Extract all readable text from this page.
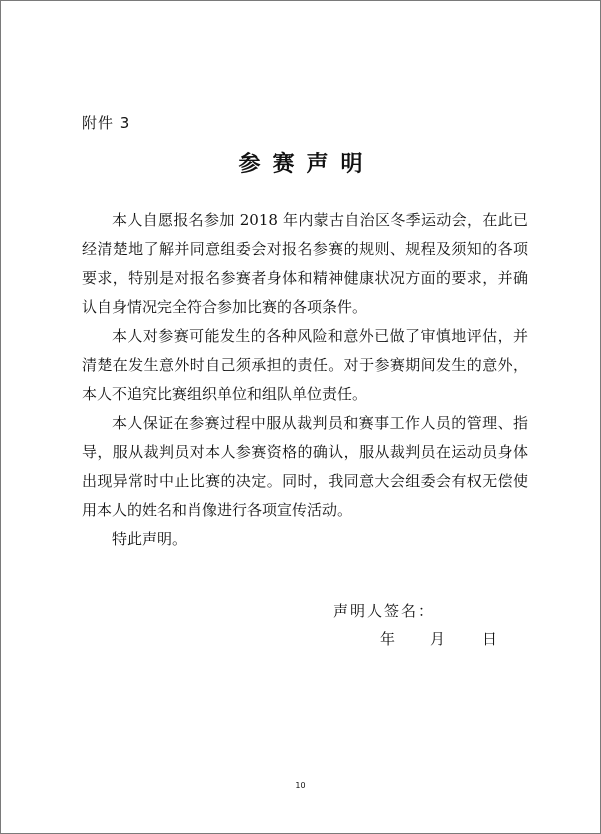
附件 3
参赛声明

本人自愿报名参加 2018 年内蒙古自治区冬季运动会，在此已经清楚地了解并同意组委会对报名参赛的规则、规程及须知的各项要求，特别是对报名参赛者身体和精神健康状况方面的要求，并确认自身情况完全符合参加比赛的各项条件。

本人对参赛可能发生的各种风险和意外已做了审慎地评估，并清楚在发生意外时自己须承担的责任。对于参赛期间发生的意外，本人不追究比赛组织单位和组队单位责任。

本人保证在参赛过程中服从裁判员和赛事工作人员的管理、指导，服从裁判员对本人参赛资格的确认，服从裁判员在运动员身体出现异常时中止比赛的决定。同时，我同意大会组委会有权无偿使用本人的姓名和肖像进行各项宣传活动。

特此声明。

声明人签名：
年 月 日
10
